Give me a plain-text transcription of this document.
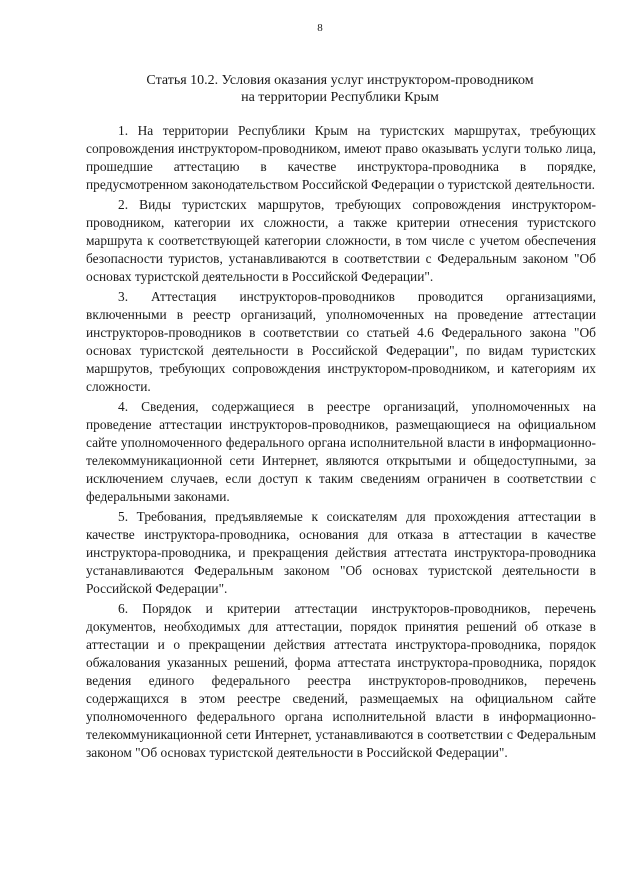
8
Статья 10.2. Условия оказания услуг инструктором-проводником
на территории Республики Крым

1. На территории Республики Крым на туристских маршрутах, требующих сопровождения инструктором-проводником, имеют право оказывать услуги только лица, прошедшие аттестацию в качестве инструктора-проводника в порядке, предусмотренном законодательством Российской Федерации о туристской деятельности.

2. Виды туристских маршрутов, требующих сопровождения инструктором-проводником, категории их сложности, а также критерии отнесения туристского маршрута к соответствующей категории сложности, в том числе с учетом обеспечения безопасности туристов, устанавливаются в соответствии с Федеральным законом "Об основах туристской деятельности в Российской Федерации".

3. Аттестация инструкторов-проводников проводится организациями, включенными в реестр организаций, уполномоченных на проведение аттестации инструкторов-проводников в соответствии со статьей 4.6 Федерального закона "Об основах туристской деятельности в Российской Федерации", по видам туристских маршрутов, требующих сопровождения инструктором-проводником, и категориям их сложности.

4. Сведения, содержащиеся в реестре организаций, уполномоченных на проведение аттестации инструкторов-проводников, размещающиеся на официальном сайте уполномоченного федерального органа исполнительной власти в информационно-телекоммуникационной сети Интернет, являются открытыми и общедоступными, за исключением случаев, если доступ к таким сведениям ограничен в соответствии с федеральными законами.

5. Требования, предъявляемые к соискателям для прохождения аттестации в качестве инструктора-проводника, основания для отказа в аттестации в качестве инструктора-проводника, и прекращения действия аттестата инструктора-проводника устанавливаются Федеральным законом "Об основах туристской деятельности в Российской Федерации".

6. Порядок и критерии аттестации инструкторов-проводников, перечень документов, необходимых для аттестации, порядок принятия решений об отказе в аттестации и о прекращении действия аттестата инструктора-проводника, порядок обжалования указанных решений, форма аттестата инструктора-проводника, порядок ведения единого федерального реестра инструкторов-проводников, перечень содержащихся в этом реестре сведений, размещаемых на официальном сайте уполномоченного федерального органа исполнительной власти в информационно-телекоммуникационной сети Интернет, устанавливаются в соответствии с Федеральным законом "Об основах туристской деятельности в Российской Федерации".
